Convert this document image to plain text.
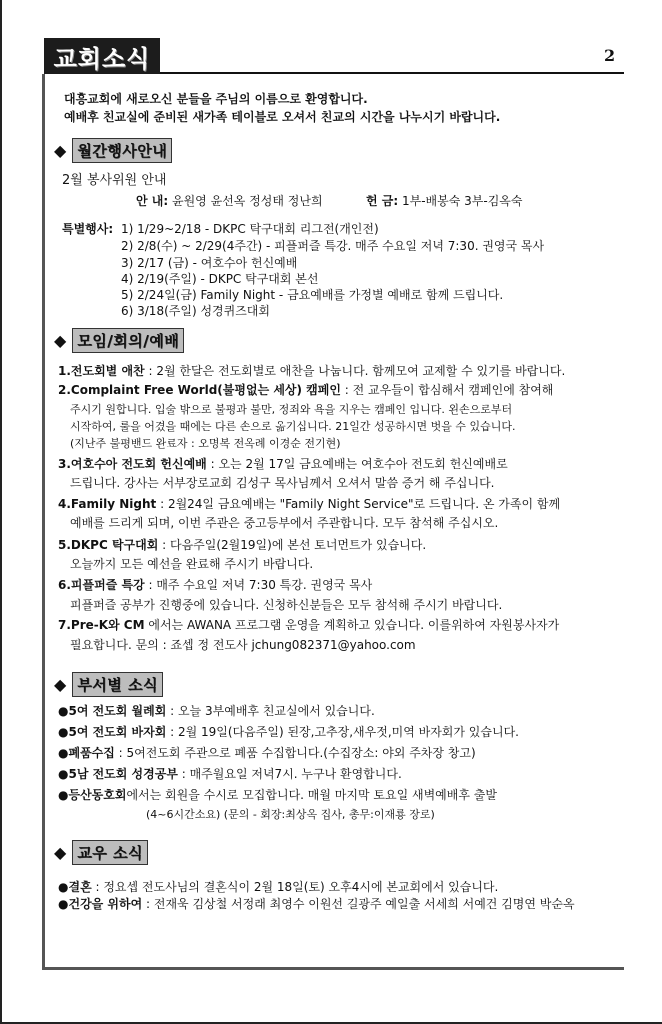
교회소식	2
대흥교회에 새로오신 분들을 주님의 이름으로 환영합니다.
예배후 친교실에 준비된 새가족 테이블로 오셔서 친교의 시간을 나누시기 바랍니다.
◆ 월간행사안내
2월 봉사위원 안내
안 내: 윤원영 윤선옥 정성태 정난희	헌 금: 1부-배봉숙 3부-김옥숙
특별행사: 1) 1/29~2/18 - DKPC 탁구대회 리그전(개인전)
2) 2/8(수) ~ 2/29(4주간) - 피플퍼즐 특강. 매주 수요일 저녁 7:30. 권영국 목사
3) 2/17 (금) - 여호수아 헌신예배
4) 2/19(주일) - DKPC 탁구대회 본선
5) 2/24일(금) Family Night - 금요예배를 가정별 예배로 함께 드립니다.
6) 3/18(주일) 성경퀴즈대회
◆ 모임/회의/예배
1.전도회별 애찬 : 2월 한달은 전도회별로 애찬을 나눕니다. 함께모여 교제할 수 있기를 바랍니다.
2.Complaint Free World(불평없는 세상) 캠페인 : 전 교우들이 합심해서 캠페인에 참여해
주시기 원합니다. 입술 밖으로 불평과 불만, 정죄와 욕을 지우는 캠페인 입니다. 왼손으로부터
시작하여, 룰을 어겼을 때에는 다른 손으로 옮기십니다. 21일간 성공하시면 벗을 수 있습니다.
(지난주 불평밴드 완료자 : 오명복 전옥례 이경순 전기현)
3.여호수아 전도회 헌신예배 : 오는 2월 17일 금요예배는 여호수아 전도회 헌신예배로
드립니다. 강사는 서부장로교회 김성구 목사님께서 오셔서 말씀 증거 해 주십니다.
4.Family Night : 2월24일 금요예배는 "Family Night Service"로 드립니다. 온 가족이 함께
예배를 드리게 되며, 이번 주관은 중고등부에서 주관합니다. 모두 참석해 주십시오.
5.DKPC 탁구대회 : 다음주일(2월19일)에 본선 토너먼트가 있습니다.
오늘까지 모든 예선을 완료해 주시기 바랍니다.
6.피플퍼즐 특강 : 매주 수요일 저녁 7:30 특강. 권영국 목사
피플퍼즐 공부가 진행중에 있습니다. 신청하신분들은 모두 참석해 주시기 바랍니다.
7.Pre-K와 CM 에서는 AWANA 프로그램 운영을 계획하고 있습니다. 이를위하여 자원봉사자가
필요합니다. 문의 : 죠셉 정 전도사 jchung082371@yahoo.com
◆ 부서별 소식
●5여 전도회 월례회 : 오늘 3부예배후 친교실에서 있습니다.
●5여 전도회 바자회 : 2월 19일(다음주일) 된장,고추장,새우젓,미역 바자회가 있습니다.
●폐품수집 : 5여전도회 주관으로 폐품 수집합니다.(수집장소: 야외 주차장 창고)
●5남 전도회 성경공부 : 매주월요일 저녁7시. 누구나 환영합니다.
●등산동호회에서는 회원을 수시로 모집합니다. 매월 마지막 토요일 새벽예배후 출발
(4~6시간소요) (문의 - 회장:최상옥 집사, 총무:이재룡 장로)
◆ 교우 소식
●결혼 : 정요셉 전도사님의 결혼식이 2월 18일(토) 오후4시에 본교회에서 있습니다.
●건강을 위하여 : 전재욱 김상철 서정래 최영수 이원선 길광주 예일출 서세희 서예건 김명연 박순옥
